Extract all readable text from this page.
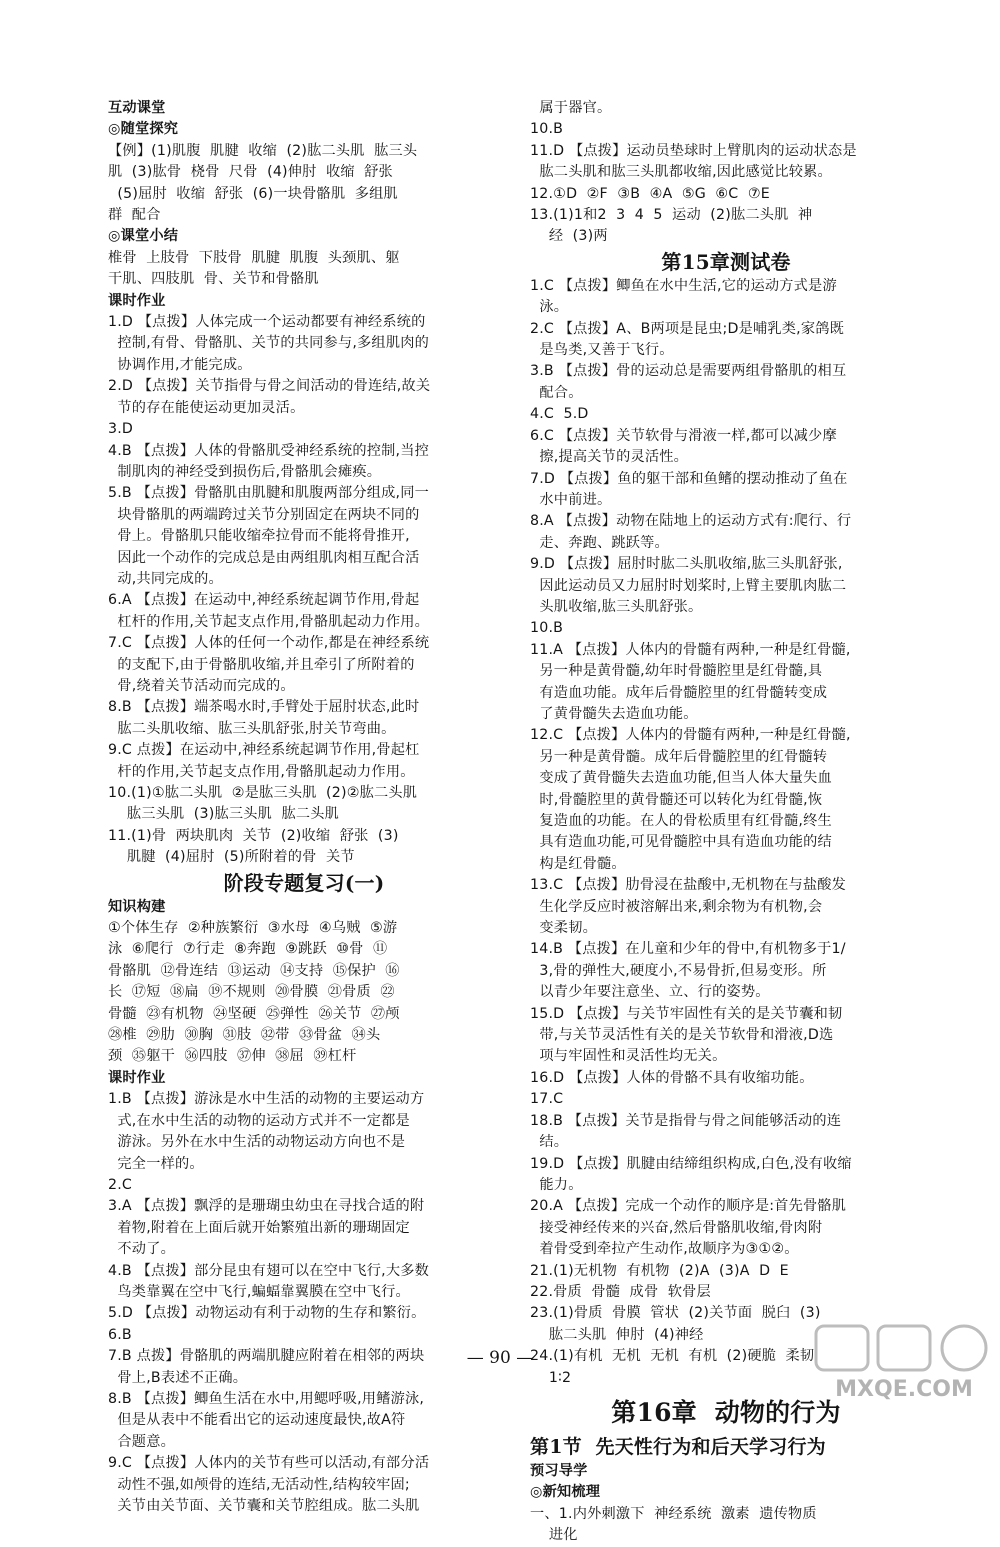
互动课堂
◎随堂探究
【例】(1)肌腹  肌腱  收缩  (2)肱二头肌  肱三头
肌  (3)肱骨  桡骨  尺骨  (4)伸肘  收缩  舒张
(5)屈肘  收缩  舒张  (6)一块骨骼肌  多组肌
群  配合
◎课堂小结
椎骨  上肢骨  下肢骨  肌腱  肌腹  头颈肌、躯
干肌、四肢肌  骨、关节和骨骼肌
课时作业
1.D 【点拨】人体完成一个运动都要有神经系统的
控制,有骨、骨骼肌、关节的共同参与,多组肌肉的
协调作用,才能完成。
2.D 【点拨】关节指骨与骨之间活动的骨连结,故关
节的存在能使运动更加灵活。
3.D
4.B 【点拨】人体的骨骼肌受神经系统的控制,当控
制肌肉的神经受到损伤后,骨骼肌会瘫痪。
5.B 【点拨】骨骼肌由肌腱和肌腹两部分组成,同一
块骨骼肌的两端跨过关节分别固定在两块不同的
骨上。骨骼肌只能收缩牵拉骨而不能将骨推开,
因此一个动作的完成总是由两组肌肉相互配合活
动,共同完成的。
6.A 【点拨】在运动中,神经系统起调节作用,骨起
杠杆的作用,关节起支点作用,骨骼肌起动力作用。
7.C 【点拨】人体的任何一个动作,都是在神经系统
的支配下,由于骨骼肌收缩,并且牵引了所附着的
骨,绕着关节活动而完成的。
8.B 【点拨】端茶喝水时,手臂处于屈肘状态,此时
肱二头肌收缩、肱三头肌舒张,肘关节弯曲。
9.C 点拨】在运动中,神经系统起调节作用,骨起杠
杆的作用,关节起支点作用,骨骼肌起动力作用。
10.(1)①肱二头肌  ②是肱三头肌  (2)②肱二头肌
肱三头肌  (3)肱三头肌  肱二头肌
11.(1)骨  两块肌肉  关节  (2)收缩  舒张  (3)
肌腱  (4)屈肘  (5)所附着的骨  关节
阶段专题复习(一)
知识构建
①个体生存  ②种族繁衍  ③水母  ④乌贼  ⑤游
泳  ⑥爬行  ⑦行走  ⑧奔跑  ⑨跳跃  ⑩骨  ⑪
骨骼肌  ⑫骨连结  ⑬运动  ⑭支持  ⑮保护  ⑯
长  ⑰短  ⑱扁  ⑲不规则  ⑳骨膜  ㉑骨质  ㉒
骨髓  ㉓有机物  ㉔坚硬  ㉕弹性  ㉖关节  ㉗颅
㉘椎  ㉙肋  ㉚胸  ㉛肢  ㉜带  ㉝骨盆  ㉞头
颈  ㉟躯干  ㊱四肢  ㊲伸  ㊳屈  ㊴杠杆
课时作业
1.B 【点拨】游泳是水中生活的动物的主要运动方
式,在水中生活的动物的运动方式并不一定都是
游泳。另外在水中生活的动物运动方向也不是
完全一样的。
2.C
3.A 【点拨】飘浮的是珊瑚虫幼虫在寻找合适的附
着物,附着在上面后就开始繁殖出新的珊瑚固定
不动了。
4.B 【点拨】部分昆虫有翅可以在空中飞行,大多数
鸟类靠翼在空中飞行,蝙蝠靠翼膜在空中飞行。
5.D 【点拨】动物运动有利于动物的生存和繁衍。
6.B
7.B 点拨】骨骼肌的两端肌腱应附着在相邻的两块
骨上,B表述不正确。
8.B 【点拨】鲫鱼生活在水中,用鳃呼吸,用鳍游泳,
但是从表中不能看出它的运动速度最快,故A符
合题意。
9.C 【点拨】人体内的关节有些可以活动,有部分活
动性不强,如颅骨的连结,无活动性,结构较牢固;
关节由关节面、关节囊和关节腔组成。肱二头肌
属于器官。
10.B
11.D 【点拨】运动员垫球时上臂肌肉的运动状态是
肱二头肌和肱三头肌都收缩,因此感觉比较累。
12.①D  ②F  ③B  ④A  ⑤G  ⑥C  ⑦E
13.(1)1和2  3  4  5  运动  (2)肱二头肌  神
经  (3)两
第15章测试卷
1.C 【点拨】鲫鱼在水中生活,它的运动方式是游
泳。
2.C 【点拨】A、B两项是昆虫;D是哺乳类,家鸽既
是鸟类,又善于飞行。
3.B 【点拨】骨的运动总是需要两组骨骼肌的相互
配合。
4.C  5.D
6.C 【点拨】关节软骨与滑液一样,都可以减少摩
擦,提高关节的灵活性。
7.D 【点拨】鱼的躯干部和鱼鳍的摆动推动了鱼在
水中前进。
8.A 【点拨】动物在陆地上的运动方式有:爬行、行
走、奔跑、跳跃等。
9.D 【点拨】屈肘时肱二头肌收缩,肱三头肌舒张,
因此运动员又力屈肘时划桨时,上臂主要肌肉肱二
头肌收缩,肱三头肌舒张。
10.B
11.A 【点拨】人体内的骨髓有两种,一种是红骨髓,
另一种是黄骨髓,幼年时骨髓腔里是红骨髓,具
有造血功能。成年后骨髓腔里的红骨髓转变成
了黄骨髓失去造血功能。
12.C 【点拨】人体内的骨髓有两种,一种是红骨髓,
另一种是黄骨髓。成年后骨髓腔里的红骨髓转
变成了黄骨髓失去造血功能,但当人体大量失血
时,骨髓腔里的黄骨髓还可以转化为红骨髓,恢
复造血的功能。在人的骨松质里有红骨髓,终生
具有造血功能,可见骨髓腔中具有造血功能的结
构是红骨髓。
13.C 【点拨】肋骨浸在盐酸中,无机物在与盐酸发
生化学反应时被溶解出来,剩余物为有机物,会
变柔韧。
14.B 【点拨】在儿童和少年的骨中,有机物多于1/
3,骨的弹性大,硬度小,不易骨折,但易变形。所
以青少年要注意坐、立、行的姿势。
15.D 【点拨】与关节牢固性有关的是关节囊和韧
带,与关节灵活性有关的是关节软骨和滑液,D选
项与牢固性和灵活性均无关。
16.D 【点拨】人体的骨骼不具有收缩功能。
17.C
18.B 【点拨】关节是指骨与骨之间能够活动的连
结。
19.D 【点拨】肌腱由结缔组织构成,白色,没有收缩
能力。
20.A 【点拨】完成一个动作的顺序是:首先骨骼肌
接受神经传来的兴奋,然后骨骼肌收缩,骨肉附
着骨受到牵拉产生动作,故顺序为③①②。
21.(1)无机物  有机物  (2)A  (3)A  D  E
22.骨质  骨髓  成骨  软骨层
23.(1)骨质  骨膜  管状  (2)关节面  脱臼  (3)
肱二头肌  伸肘  (4)神经
24.(1)有机  无机  无机  有机  (2)硬脆  柔韧
1∶2
第16章  动物的行为
第1节  先天性行为和后天学习行为
预习导学
◎新知梳理
一、1.内外刺激下  神经系统  激素  遗传物质
进化
— 90 —
MXQE.COM
